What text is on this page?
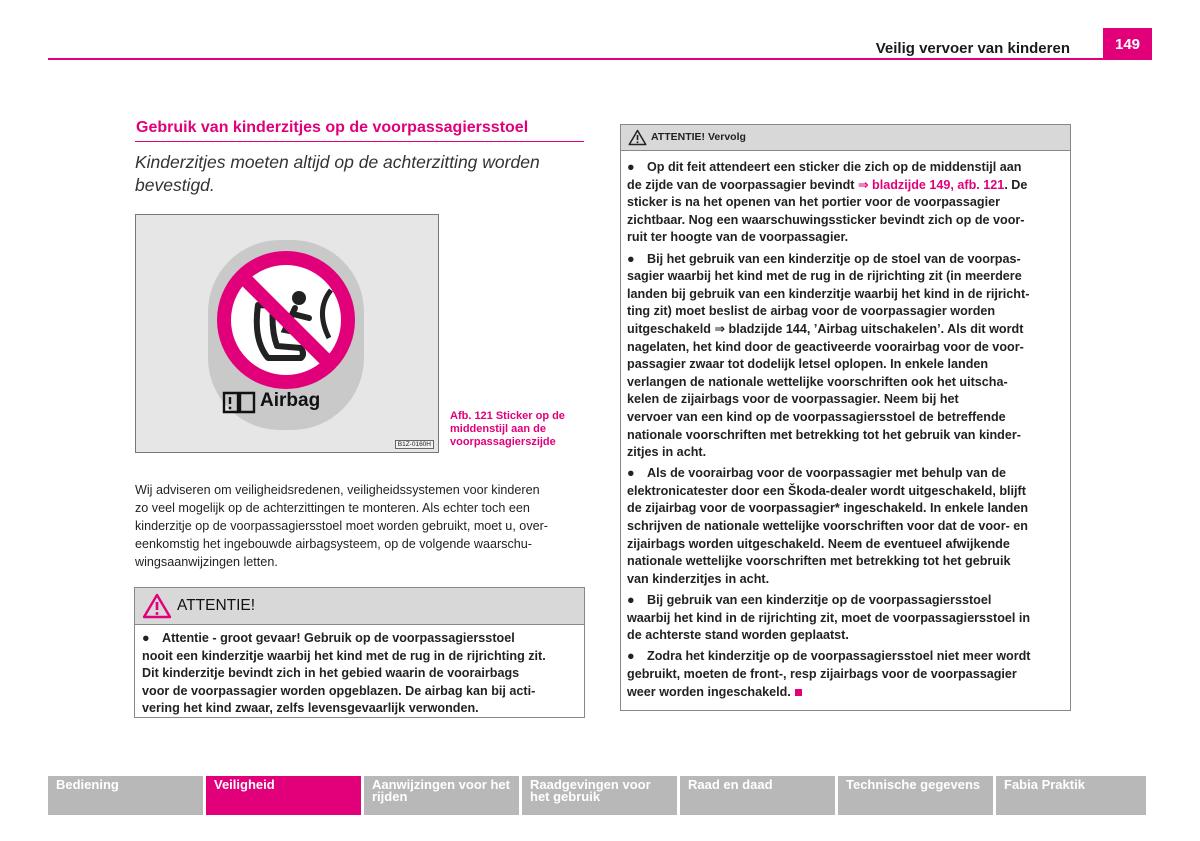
Veilig vervoer van kinderen	149
Gebruik van kinderzitjes op de voorpassagiersstoel
Kinderzitjes moeten altijd op de achterzitting worden
bevestigd.
Airbag
B1Z-0160H
Afb. 121 Sticker op de
middenstijl aan de
voorpassagierszijde
Wij adviseren om veiligheidsredenen, veiligheidssystemen voor kinderen
zo veel mogelijk op de achterzittingen te monteren. Als echter toch een
kinderzitje op de voorpassagiersstoel moet worden gebruikt, moet u, over-
eenkomstig het ingebouwde airbagsysteem, op de volgende waarschu-
wingsaanwijzingen letten.
ATTENTIE!
● Attentie - groot gevaar! Gebruik op de voorpassagiersstoel
nooit een kinderzitje waarbij het kind met de rug in de rijrichting zit.
Dit kinderzitje bevindt zich in het gebied waarin de voorairbags
voor de voorpassagier worden opgeblazen. De airbag kan bij acti-
vering het kind zwaar, zelfs levensgevaarlijk verwonden.
ATTENTIE! Vervolg
● Op dit feit attendeert een sticker die zich op de middenstijl aan
de zijde van de voorpassagier bevindt ⇒ bladzijde 149, afb. 121. De
sticker is na het openen van het portier voor de voorpassagier
zichtbaar. Nog een waarschuwingssticker bevindt zich op de voor-
ruit ter hoogte van de voorpassagier.
● Bij het gebruik van een kinderzitje op de stoel van de voorpas-
sagier waarbij het kind met de rug in de rijrichting zit (in meerdere
landen bij gebruik van een kinderzitje waarbij het kind in de rijricht-
ting zit) moet beslist de airbag voor de voorpassagier worden
uitgeschakeld ⇒ bladzijde 144, ’Airbag uitschakelen’. Als dit wordt
nagelaten, het kind door de geactiveerde voorairbag voor de voor-
passagier zwaar tot dodelijk letsel oplopen. In enkele landen
verlangen de nationale wettelijke voorschriften ook het uitscha-
kelen de zijairbags voor de voorpassagier. Neem bij het
vervoer van een kind op de voorpassagiersstoel de betreffende
nationale voorschriften met betrekking tot het gebruik van kinder-
zitjes in acht.
● Als de voorairbag voor de voorpassagier met behulp van de
elektronicatester door een Škoda-dealer wordt uitgeschakeld, blijft
de zijairbag voor de voorpassagier* ingeschakeld. In enkele landen
schrijven de nationale wettelijke voorschriften voor dat de voor- en
zijairbags worden uitgeschakeld. Neem de eventueel afwijkende
nationale wettelijke voorschriften met betrekking tot het gebruik
van kinderzitjes in acht.
● Bij gebruik van een kinderzitje op de voorpassagiersstoel
waarbij het kind in de rijrichting zit, moet de voorpassagiersstoel in
de achterste stand worden geplaatst.
● Zodra het kinderzitje op de voorpassagiersstoel niet meer wordt
gebruikt, moeten de front-, resp zijairbags voor de voorpassagier
weer worden ingeschakeld.
Bediening	Veiligheid	Aanwijzingen voor het rijden
Raadgevingen voor het gebruik
Raad en daad	Technische gegevens	Fabia Praktik
